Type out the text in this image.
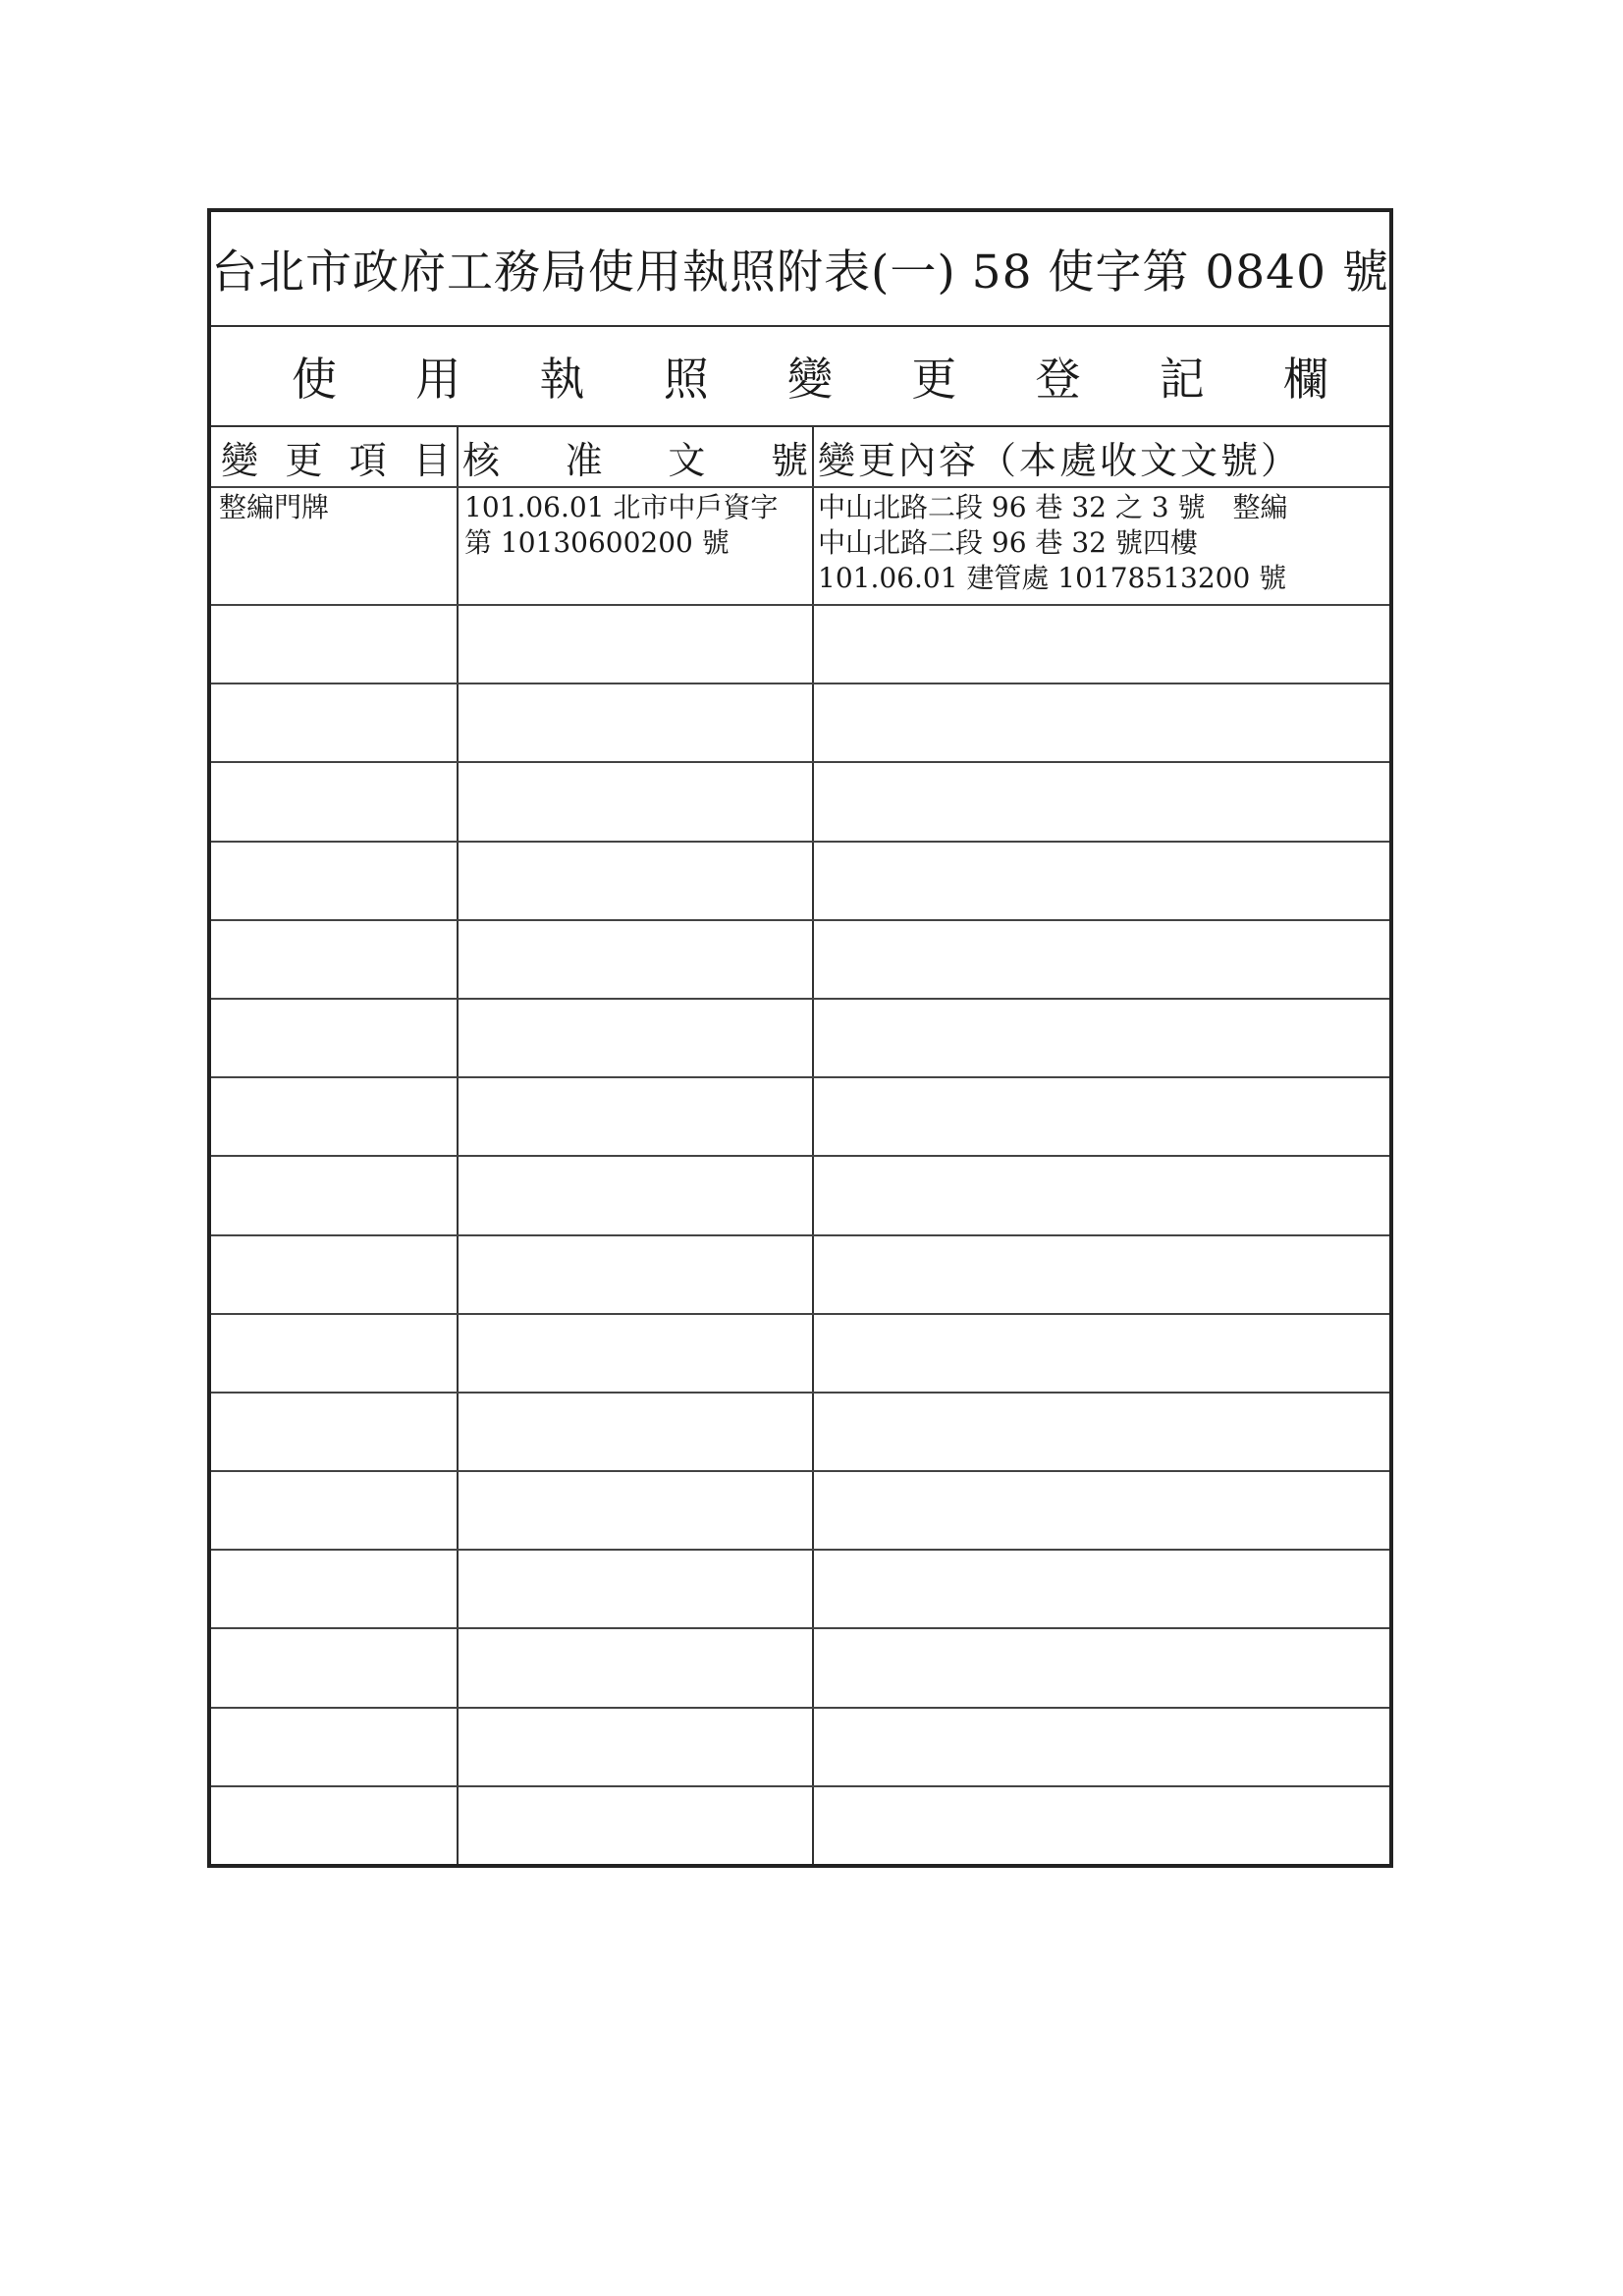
台北市政府工務局使用執照附表(一) 58 使字第 0840 號
使 用 執 照 變 更 登 記 欄
變 更 項 目 核 准 文 號 變更內容（本處收文文號）
整編門牌	101.06.01 北市中戶資字
第 10130600200 號
中山北路二段 96 巷 32 之 3 號　整編
中山北路二段 96 巷 32 號四樓
101.06.01 建管處 10178513200 號
